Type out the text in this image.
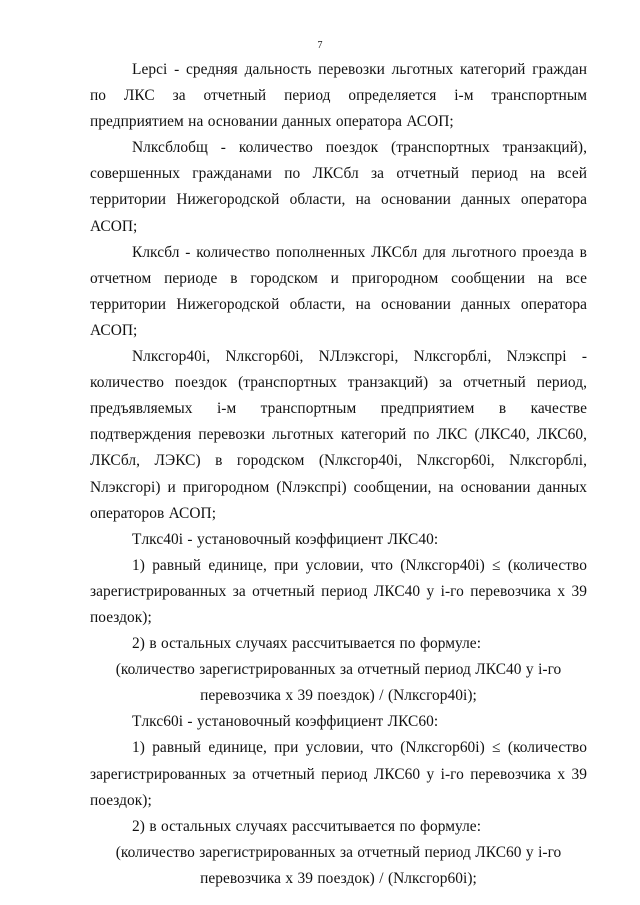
7

Lepci - средняя дальность перевозки льготных категорий граждан по ЛКС за отчетный период определяется i-м транспортным предприятием на основании данных оператора АСОП;

Nлксблобщ - количество поездок (транспортных транзакций), совершенных гражданами по ЛКСбл за отчетный период на всей территории Нижегородской области, на основании данных оператора АСОП;

Клксбл - количество пополненных ЛКСбл для льготного проезда в отчетном периоде в городском и пригородном сообщении на все территории Нижегородской области, на основании данных оператора АСОП;

Nлксгор40i, Nлксгор60i, NЛлэксгорi, Nлксгорблi, Nлэкспрi - количество поездок (транспортных транзакций) за отчетный период, предъявляемых i-м транспортным предприятием в качестве подтверждения перевозки льготных категорий по ЛКС (ЛКС40, ЛКС60, ЛКСбл, ЛЭКС) в городском (Nлксгор40i, Nлксгор60i, Nлксгорблi, Nлэксгорi) и пригородном (Nлэкспрi) сообщении, на основании данных операторов АСОП;

Tлкс40i - установочный коэффициент ЛКС40:

1) равный единице, при условии, что (Nлксгор40i) ≤ (количество зарегистрированных за отчетный период ЛКС40 у i-го перевозчика х 39 поездок);

2) в остальных случаях рассчитывается по формуле:

(количество зарегистрированных за отчетный период ЛКС40 у i-го перевозчика х 39 поездок) / (Nлксгор40i);

Tлкс60i - установочный коэффициент ЛКС60:

1) равный единице, при условии, что (Nлксгор60i) ≤ (количество зарегистрированных за отчетный период ЛКС60 у i-го перевозчика х 39 поездок);

2) в остальных случаях рассчитывается по формуле:

(количество зарегистрированных за отчетный период ЛКС60 у i-го перевозчика х 39 поездок) / (Nлксгор60i);
